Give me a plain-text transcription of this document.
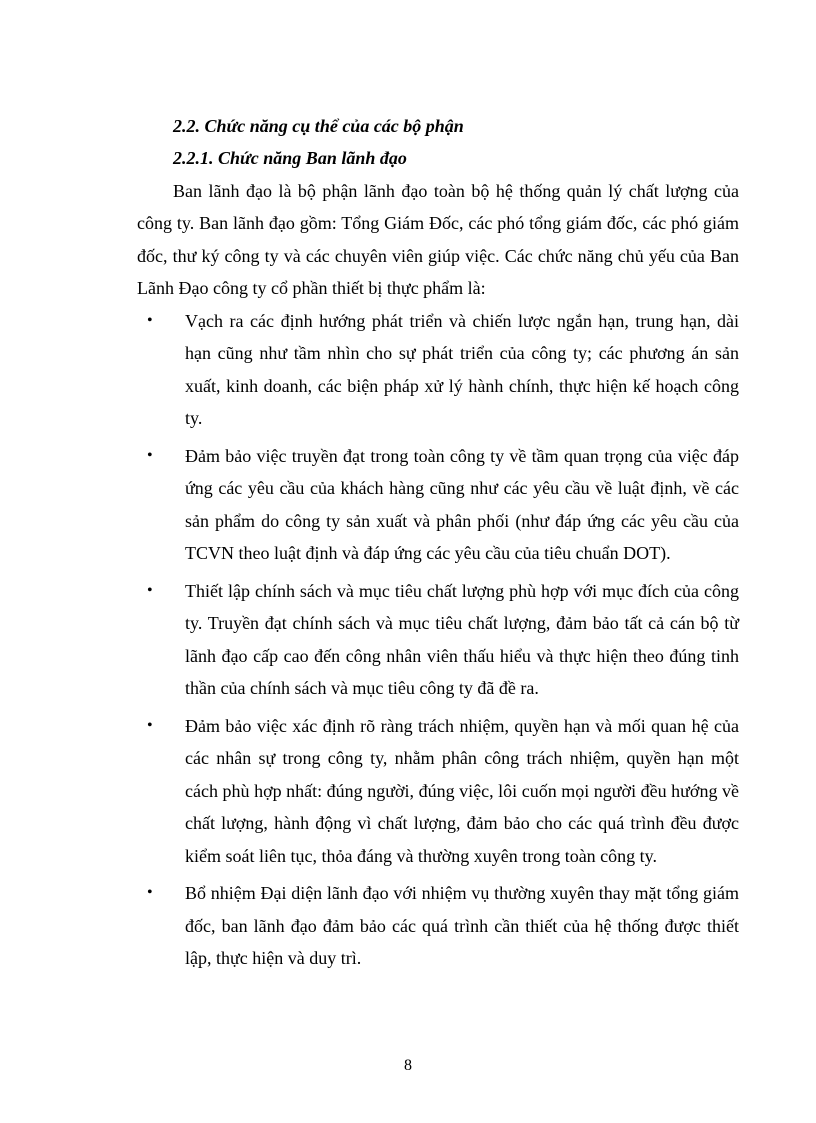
2.2. Chức năng cụ thể của các bộ phận

2.2.1. Chức năng Ban lãnh đạo

Ban lãnh đạo là bộ phận lãnh đạo toàn bộ hệ thống quản lý chất lượng của công ty. Ban lãnh đạo gồm: Tổng Giám Đốc, các phó tổng giám đốc, các phó giám đốc, thư ký công ty và các chuyên viên giúp việc. Các chức năng chủ yếu của Ban Lãnh Đạo công ty cổ phần thiết bị thực phẩm là:

• Vạch ra các định hướng phát triển và chiến lược ngắn hạn, trung hạn, dài hạn cũng như tầm nhìn cho sự phát triển của công ty; các phương án sản xuất, kinh doanh, các biện pháp xử lý hành chính, thực hiện kế hoạch công ty.
• Đảm bảo việc truyền đạt trong toàn công ty về tầm quan trọng của việc đáp ứng các yêu cầu của khách hàng cũng như các yêu cầu về luật định, về các sản phẩm do công ty sản xuất và phân phối (như đáp ứng các yêu cầu của TCVN theo luật định và đáp ứng các yêu cầu của tiêu chuẩn DOT).
• Thiết lập chính sách và mục tiêu chất lượng phù hợp với mục đích của công ty. Truyền đạt chính sách và mục tiêu chất lượng, đảm bảo tất cả cán bộ từ lãnh đạo cấp cao đến công nhân viên thấu hiểu và thực hiện theo đúng tinh thần của chính sách và mục tiêu công ty đã đề ra.
• Đảm bảo việc xác định rõ ràng trách nhiệm, quyền hạn và mối quan hệ của các nhân sự trong công ty, nhằm phân công trách nhiệm, quyền hạn một cách phù hợp nhất: đúng người, đúng việc, lôi cuốn mọi người đều hướng về chất lượng, hành động vì chất lượng, đảm bảo cho các quá trình đều được kiểm soát liên tục, thỏa đáng và thường xuyên trong toàn công ty.
• Bổ nhiệm Đại diện lãnh đạo với nhiệm vụ thường xuyên thay mặt tổng giám đốc, ban lãnh đạo đảm bảo các quá trình cần thiết của hệ thống được thiết lập, thực hiện và duy trì.
8
